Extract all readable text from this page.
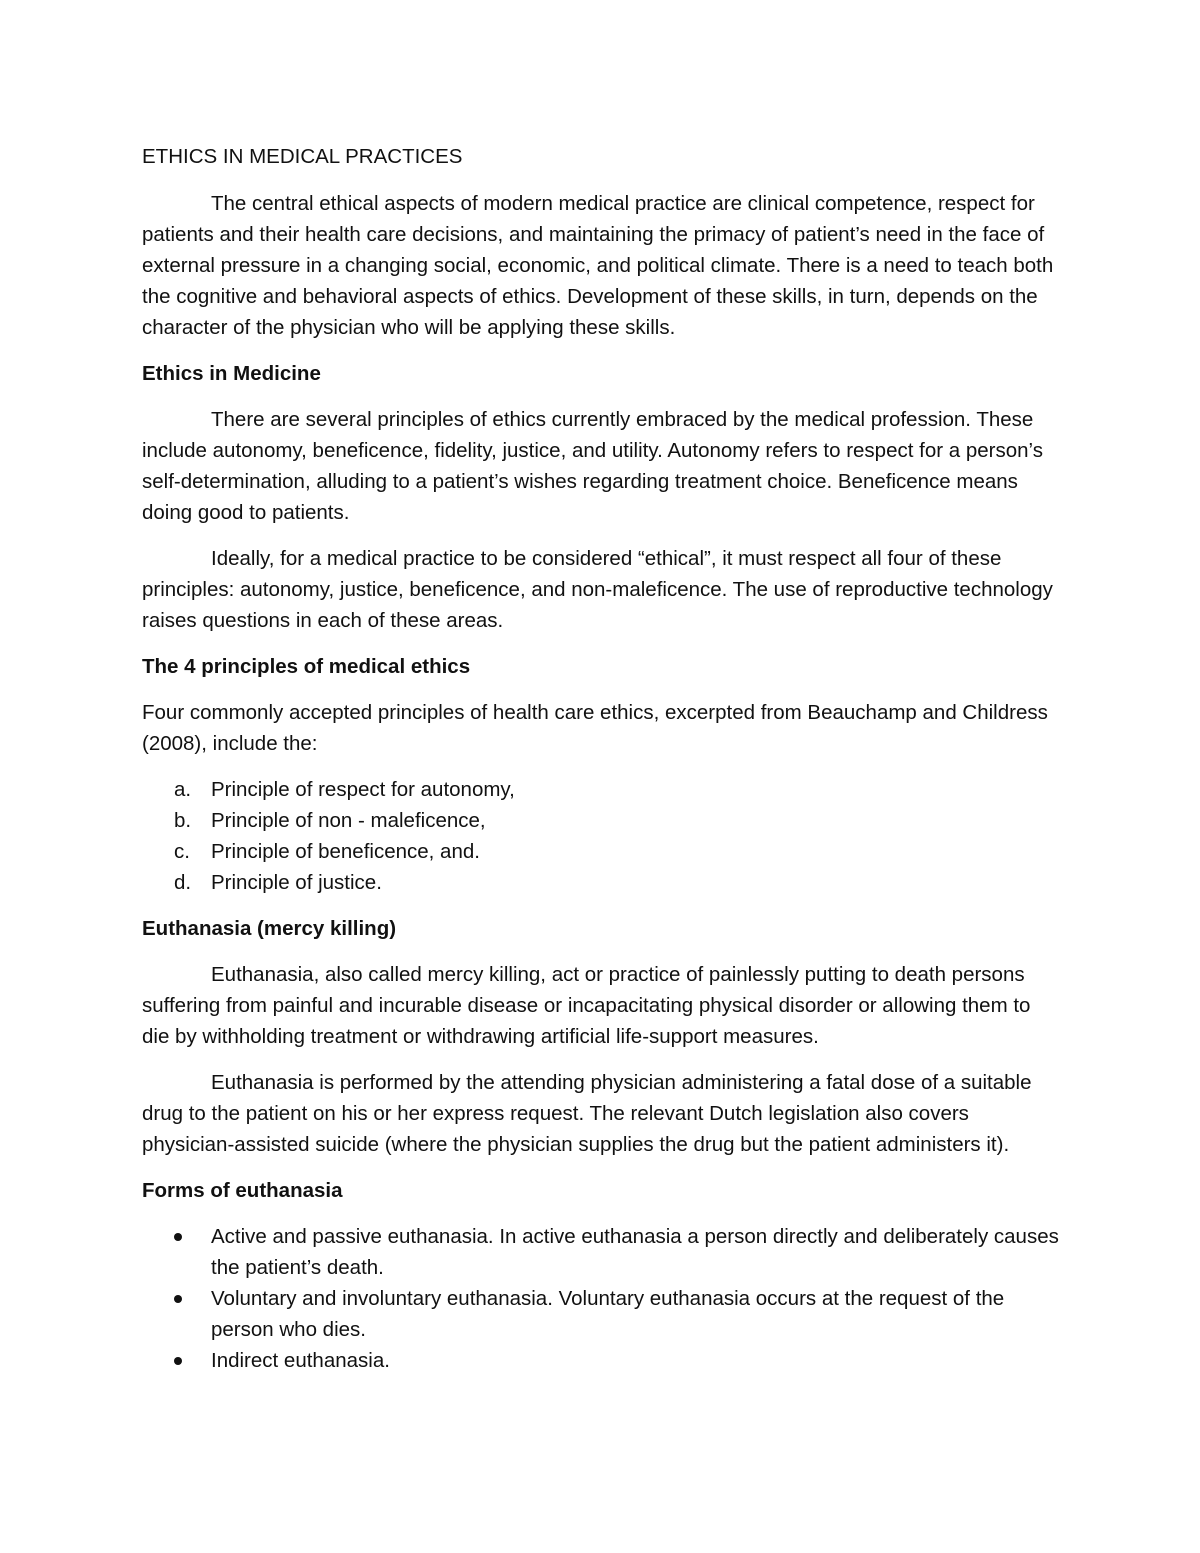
ETHICS IN MEDICAL PRACTICES

The central ethical aspects of modern medical practice are clinical competence, respect for patients and their health care decisions, and maintaining the primacy of patient’s need in the face of external pressure in a changing social, economic, and political climate. There is a need to teach both the cognitive and behavioral aspects of ethics. Development of these skills, in turn, depends on the character of the physician who will be applying these skills.

Ethics in Medicine

There are several principles of ethics currently embraced by the medical profession. These include autonomy, beneficence, fidelity, justice, and utility. Autonomy refers to respect for a person’s self-determination, alluding to a patient’s wishes regarding treatment choice. Beneficence means doing good to patients.

Ideally, for a medical practice to be considered “ethical”, it must respect all four of these principles: autonomy, justice, beneficence, and non-maleficence. The use of reproductive technology raises questions in each of these areas.

The 4 principles of medical ethics

Four commonly accepted principles of health care ethics, excerpted from Beauchamp and Childress (2008), include the:

a. Principle of respect for autonomy,
b. Principle of non - maleficence,
c. Principle of beneficence, and.
d. Principle of justice.
Euthanasia (mercy killing)

Euthanasia, also called mercy killing, act or practice of painlessly putting to death persons suffering from painful and incurable disease or incapacitating physical disorder or allowing them to die by withholding treatment or withdrawing artificial life-support measures.

Euthanasia is performed by the attending physician administering a fatal dose of a suitable drug to the patient on his or her express request. The relevant Dutch legislation also covers physician-assisted suicide (where the physician supplies the drug but the patient administers it).

Forms of euthanasia
Active and passive euthanasia. In active euthanasia a person directly and deliberately causes the patient’s death.
Voluntary and involuntary euthanasia. Voluntary euthanasia occurs at the request of the person who dies.
Indirect euthanasia.
